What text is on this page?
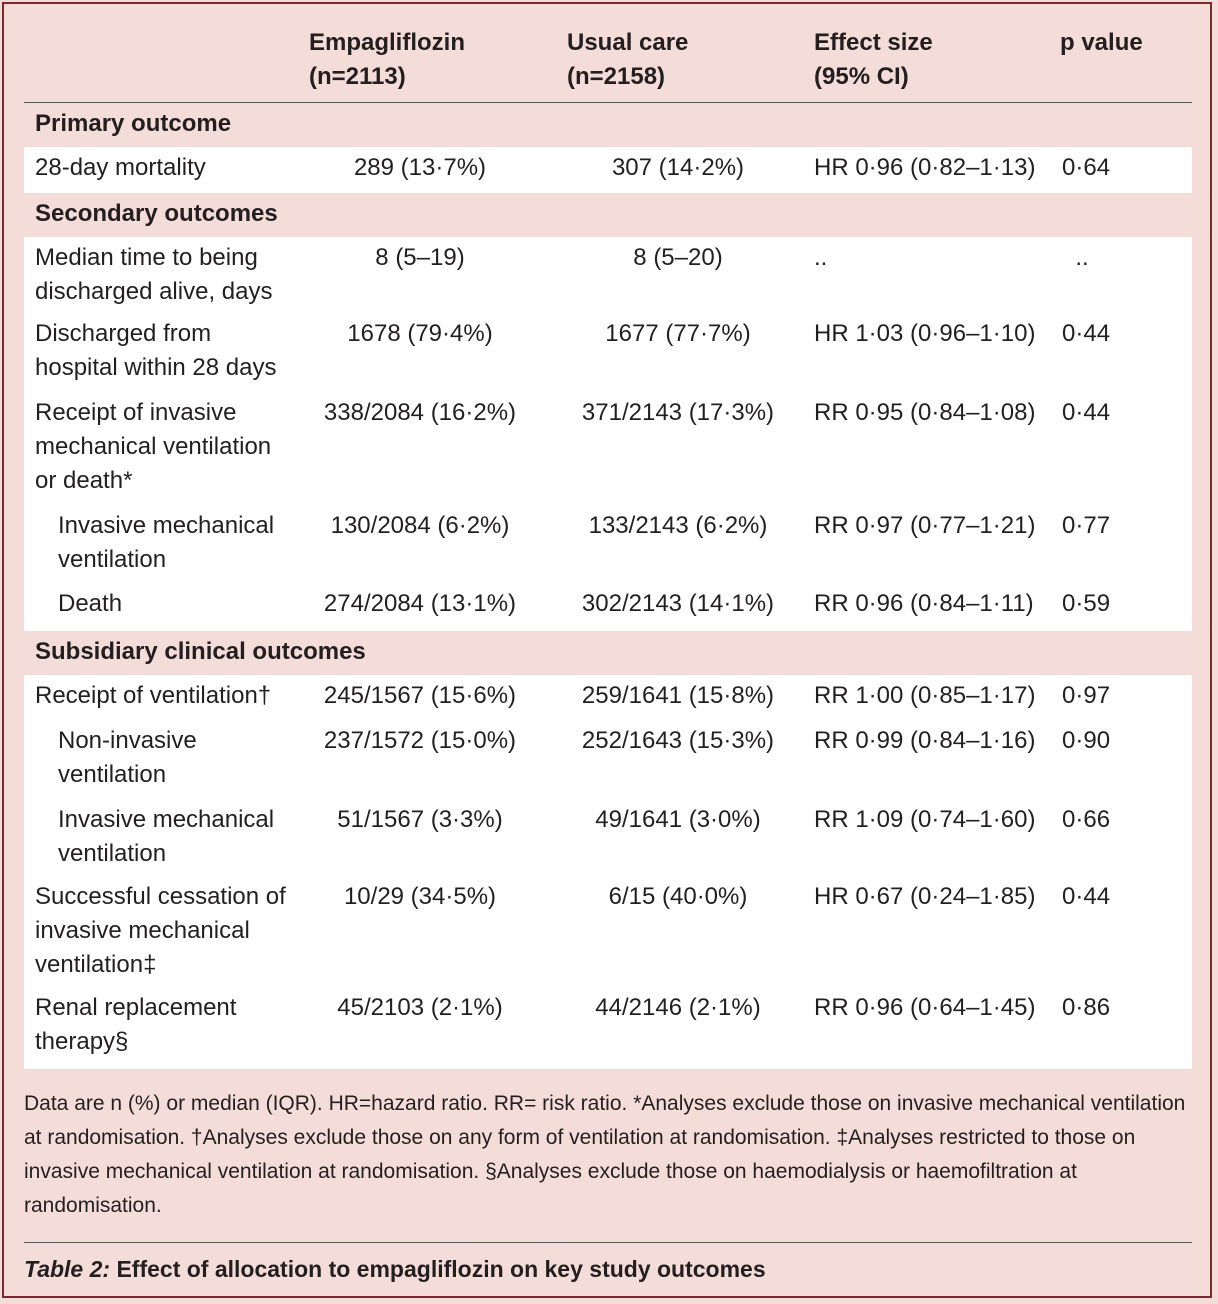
Empagliflozin
(n=2113)
Usual care
(n=2158)
Effect size
(95% CI)
p value
Primary outcome
28-day mortality	289 (13·7%)	307 (14·2%)	HR 0·96 (0·82–1·13) 0·64
Secondary outcomes
Median time to being
discharged alive, days
8 (5–19)	8 (5–20)	..	..
Discharged from
hospital within 28 days
1678 (79·4%)	1677 (77·7%)	HR 1·03 (0·96–1·10) 0·44
Receipt of invasive
mechanical ventilation
or death*
338/2084 (16·2%)	371/2143 (17·3%)	RR 0·95 (0·84–1·08) 0·44
Invasive mechanical
ventilation
130/2084 (6·2%)	133/2143 (6·2%)	RR 0·97 (0·77–1·21) 0·77
Death	274/2084 (13·1%)	302/2143 (14·1%)	RR 0·96 (0·84–1·11) 0·59
Subsidiary clinical outcomes
Receipt of ventilation†	245/1567 (15·6%)	259/1641 (15·8%)	RR 1·00 (0·85–1·17) 0·97
Non-invasive
ventilation
237/1572 (15·0%)	252/1643 (15·3%)	RR 0·99 (0·84–1·16) 0·90
Invasive mechanical
ventilation
51/1567 (3·3%)	49/1641 (3·0%)	RR 1·09 (0·74–1·60) 0·66
Successful cessation of
invasive mechanical
ventilation‡
10/29 (34·5%)	6/15 (40·0%)	HR 0·67 (0·24–1·85) 0·44
Renal replacement
therapy§
45/2103 (2·1%)	44/2146 (2·1%)	RR 0·96 (0·64–1·45) 0·86
Data are n (%) or median (IQR). HR=hazard ratio. RR= risk ratio. *Analyses exclude those on invasive mechanical ventilation at randomisation. †Analyses exclude those on any form of ventilation at randomisation. ‡Analyses restricted to those on invasive mechanical ventilation at randomisation. §Analyses exclude those on haemodialysis or haemofiltration at randomisation.
Table 2: Effect of allocation to empagliflozin on key study outcomes
